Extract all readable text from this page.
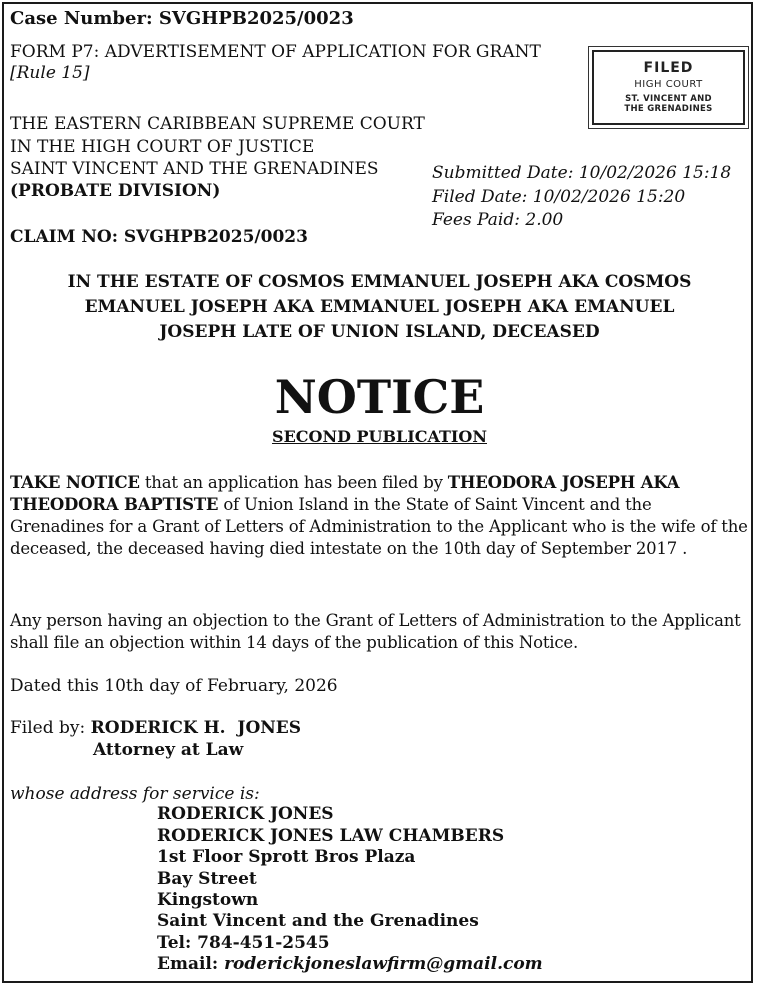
Case Number: SVGHPB2025/0023
FORM P7: ADVERTISEMENT OF APPLICATION FOR GRANT
[Rule 15]	FILED
HIGH COURT
ST. VINCENT AND
THE GRENADINES
THE EASTERN CARIBBEAN SUPREME COURT
IN THE HIGH COURT OF JUSTICE
SAINT VINCENT AND THE GRENADINES
(PROBATE DIVISION)
CLAIM NO: SVGHPB2025/0023
Submitted Date: 10/02/2026 15:18
Filed Date: 10/02/2026 15:20
Fees Paid: 2.00
IN THE ESTATE OF COSMOS EMMANUEL JOSEPH AKA COSMOS
EMANUEL JOSEPH AKA EMMANUEL JOSEPH AKA EMANUEL
JOSEPH LATE OF UNION ISLAND, DECEASED
NOTICE
SECOND PUBLICATION
TAKE NOTICE that an application has been filed by THEODORA JOSEPH AKA THEODORA BAPTISTE of Union Island in the State of Saint Vincent and the Grenadines for a Grant of Letters of Administration to the Applicant who is the wife of the deceased, the deceased having died intestate on the 10th day of September 2017 .
Any person having an objection to the Grant of Letters of Administration to the Applicant shall file an objection within 14 days of the publication of this Notice.
Dated this 10th day of February, 2026
Filed by: RODERICK H.  JONES
Attorney at Law
whose address for service is:
RODERICK JONES
RODERICK JONES LAW CHAMBERS
1st Floor Sprott Bros Plaza
Bay Street
Kingstown
Saint Vincent and the Grenadines
Tel: 784-451-2545
Email: roderickjoneslawfirm@gmail.com
